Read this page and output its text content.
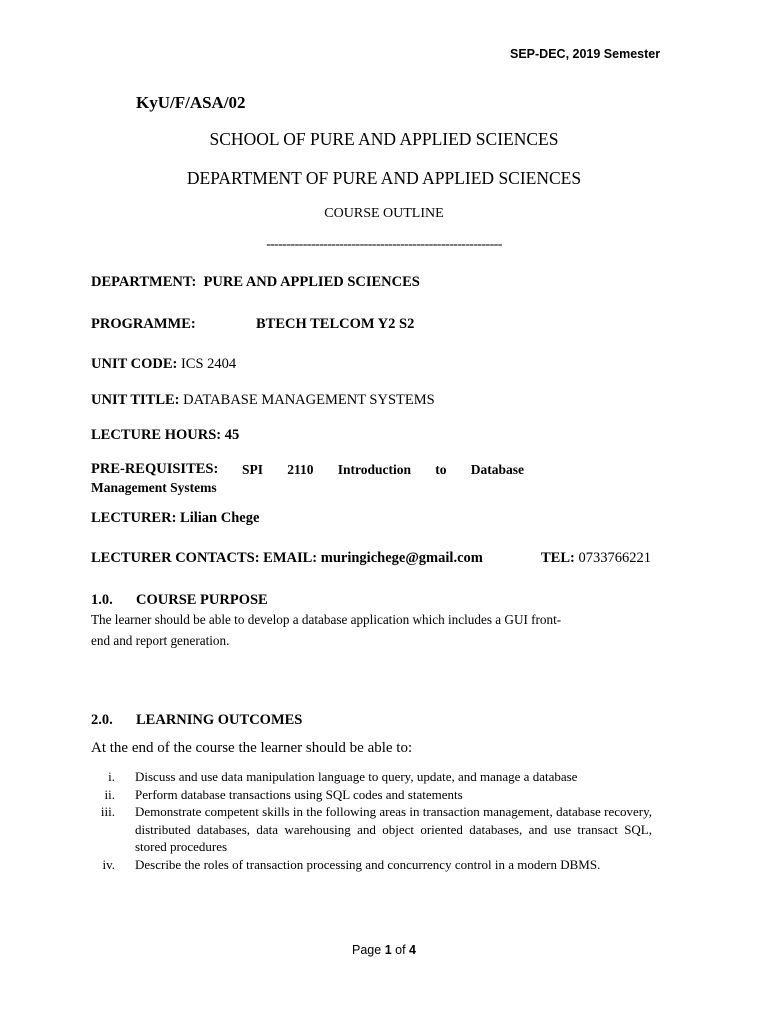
SEP-DEC, 2019 Semester
KyU/F/ASA/02
SCHOOL OF PURE AND APPLIED SCIENCES
DEPARTMENT OF PURE AND APPLIED SCIENCES
COURSE OUTLINE
----------------------------------------------------------
DEPARTMENT: PURE AND APPLIED SCIENCES
PROGRAMME:	BTECH TELCOM Y2 S2
UNIT CODE: ICS 2404
UNIT TITLE: DATABASE MANAGEMENT SYSTEMS
LECTURE HOURS: 45
PRE-REQUISITES: SPI 2110 Introduction to Database
Management Systems
LECTURER: Lilian Chege
LECTURER CONTACTS: EMAIL: muringichege@gmail.com	TEL: 0733766221
1.0. COURSE PURPOSE
The learner should be able to develop a database application which includes a GUI front-
end and report generation.
2.0. LEARNING OUTCOMES
At the end of the course the learner should be able to:
i. Discuss and use data manipulation language to query, update, and manage a database
ii. Perform database transactions using SQL codes and statements
iii. Demonstrate competent skills in the following areas in transaction management, database recovery, distributed databases, data warehousing and object oriented databases, and use transact SQL, stored procedures
iv. Describe the roles of transaction processing and concurrency control in a modern DBMS.
Page 1 of 4
